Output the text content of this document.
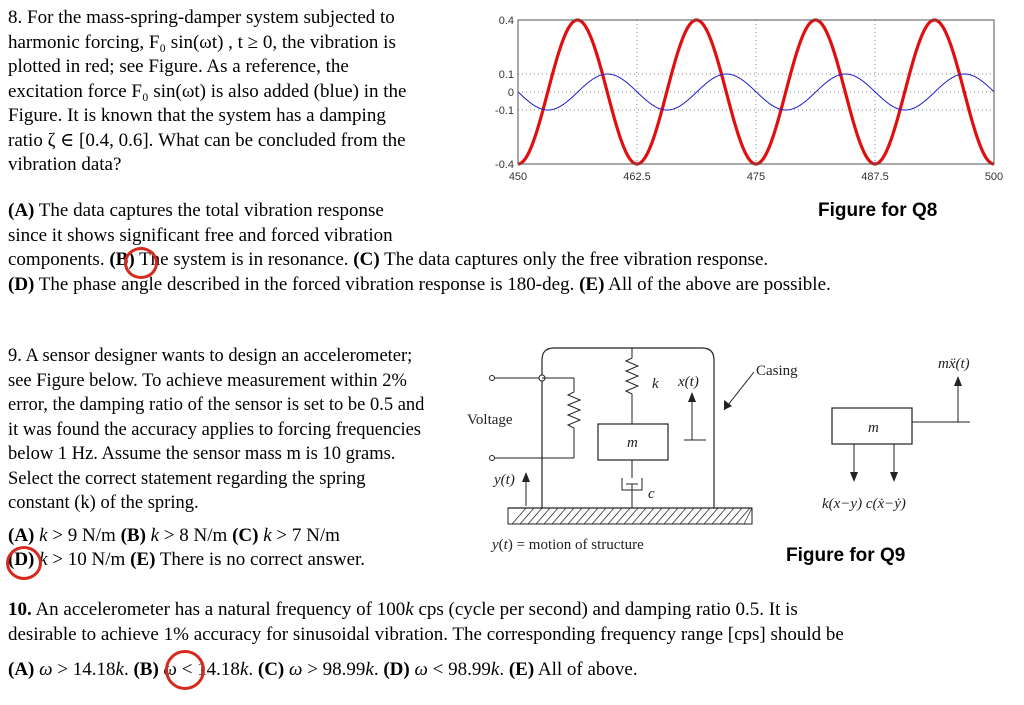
8. For the mass-spring-damper system subjected to
harmonic forcing, F₀ sin(ωt) , t ≥ 0, the vibration is
plotted in red; see Figure. As a reference, the
excitation force F₀ sin(ωt) is also added (blue) in the
Figure. It is known that the system has a damping
ratio ζ ∈ [0.4, 0.6]. What can be concluded from the
vibration data?
450	462.5	475	487.5	500
0.4
0.1
0
-0.1
-0.4
Figure for Q8
(A) The data captures the total vibration response
since it shows significant free and forced vibration
components. (B) The system is in resonance. (C) The data captures only the free vibration response.
(D) The phase angle described in the forced vibration response is 180-deg. (E) All of the above are possible.
9. A sensor designer wants to design an accelerometer;
see Figure below. To achieve measurement within 2%
error, the damping ratio of the sensor is set to be 0.5 and
it was found the accuracy applies to forcing frequencies
below 1 Hz. Assume the sensor mass m is 10 grams.
Select the correct statement regarding the spring
constant (k) of the spring.
(A) k > 9 N/m (B) k > 8 N/m (C) k > 7 N/m
(D) k > 10 N/m (E) There is no correct answer.
Voltage
k x(t)
m
c
y(t)
y(t) = motion of structure
Casing	mẍ(t)
m
k(x−y) c(ẋ−ẏ)
Figure for Q9
10. An accelerometer has a natural frequency of 100k cps (cycle per second) and damping ratio 0.5. It is
desirable to achieve 1% accuracy for sinusoidal vibration. The corresponding frequency range [cps] should be
(A) ω > 14.18k. (B) ω < 14.18k. (C) ω > 98.99k. (D) ω < 98.99k. (E) All of above.
